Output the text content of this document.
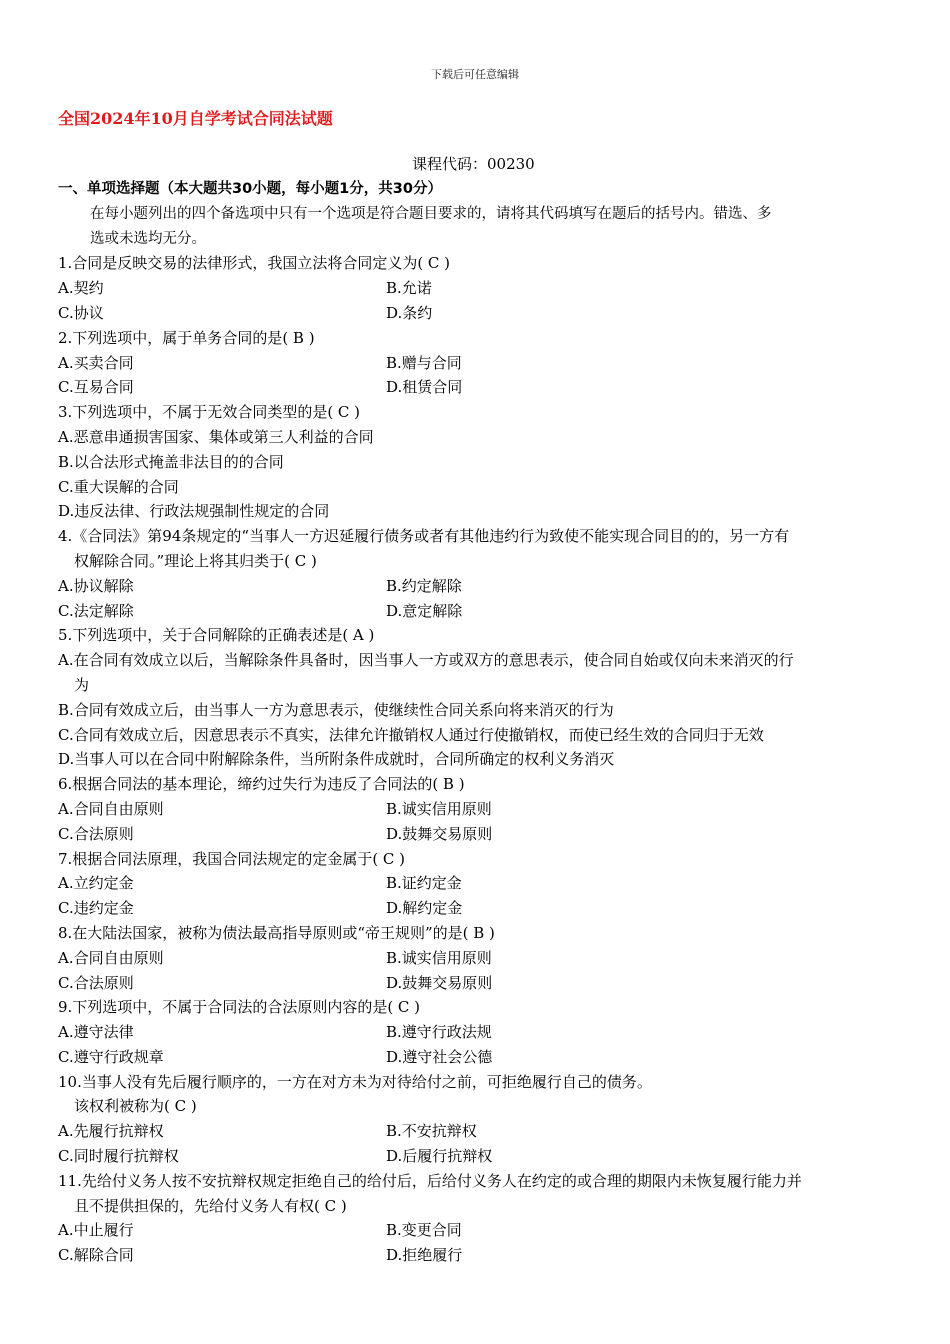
下载后可任意编辑
全国2024年10月自学考试合同法试题
课程代码：00230
一、单项选择题（本大题共30小题，每小题1分，共30分）
在每小题列出的四个备选项中只有一个选项是符合题目要求的，请将其代码填写在题后的括号内。错选、多
选或未选均无分。
1.合同是反映交易的法律形式，我国立法将合同定义为( C )
A.契约	B.允诺
C.协议	D.条约
2.下列选项中，属于单务合同的是( B )
A.买卖合同	B.赠与合同
C.互易合同	D.租赁合同
3.下列选项中，不属于无效合同类型的是( C )
A.恶意串通损害国家、集体或第三人利益的合同
B.以合法形式掩盖非法目的的合同
C.重大误解的合同
D.违反法律、行政法规强制性规定的合同
4.《合同法》第94条规定的“当事人一方迟延履行债务或者有其他违约行为致使不能实现合同目的的，另一方有
权解除合同。”理论上将其归类于( C )
A.协议解除	B.约定解除
C.法定解除	D.意定解除
5.下列选项中，关于合同解除的正确表述是( A )
A.在合同有效成立以后，当解除条件具备时，因当事人一方或双方的意思表示，使合同自始或仅向未来消灭的行
为
B.合同有效成立后，由当事人一方为意思表示，使继续性合同关系向将来消灭的行为
C.合同有效成立后，因意思表示不真实，法律允许撤销权人通过行使撤销权，而使已经生效的合同归于无效
D.当事人可以在合同中附解除条件，当所附条件成就时，合同所确定的权利义务消灭
6.根据合同法的基本理论，缔约过失行为违反了合同法的( B )
A.合同自由原则	B.诚实信用原则
C.合法原则	D.鼓舞交易原则
7.根据合同法原理，我国合同法规定的定金属于( C )
A.立约定金	B.证约定金
C.违约定金	D.解约定金
8.在大陆法国家，被称为债法最高指导原则或“帝王规则”的是( B )
A.合同自由原则	B.诚实信用原则
C.合法原则	D.鼓舞交易原则
9.下列选项中，不属于合同法的合法原则内容的是( C )
A.遵守法律	B.遵守行政法规
C.遵守行政规章	D.遵守社会公德
10.当事人没有先后履行顺序的，一方在对方未为对待给付之前，可拒绝履行自己的债务。
该权利被称为( C )
A.先履行抗辩权	B.不安抗辩权
C.同时履行抗辩权	D.后履行抗辩权
11.先给付义务人按不安抗辩权规定拒绝自己的给付后，后给付义务人在约定的或合理的期限内未恢复履行能力并
且不提供担保的，先给付义务人有权( C )
A.中止履行	B.变更合同
C.解除合同	D.拒绝履行
